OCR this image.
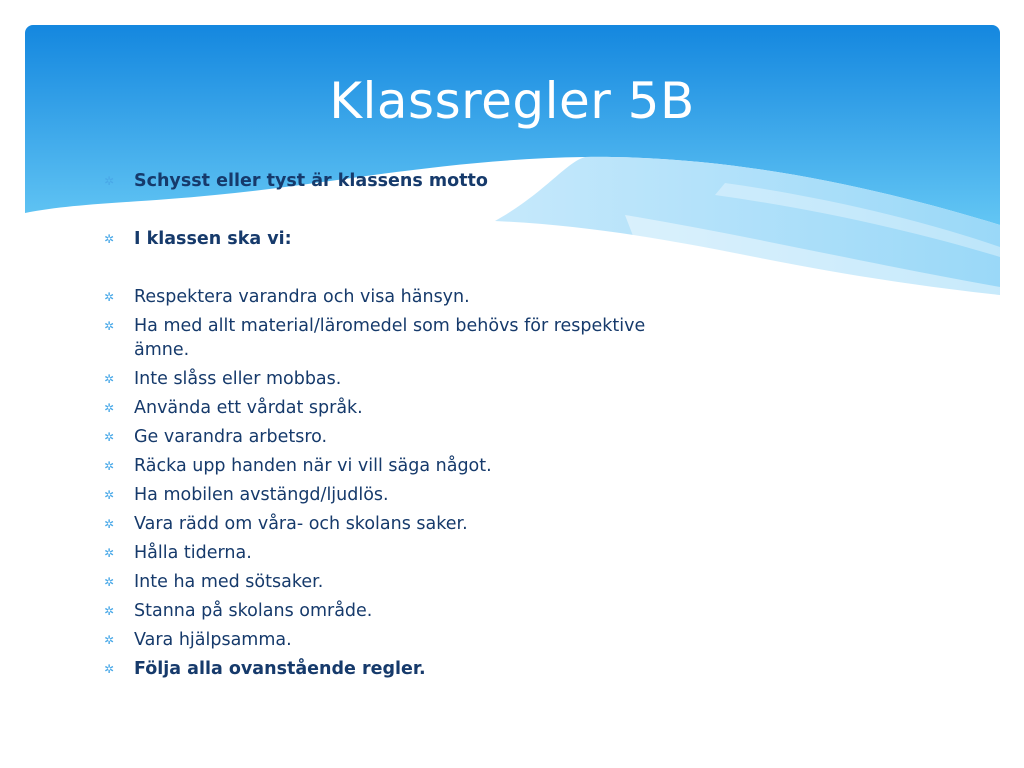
Klassregler 5B
✲ Schysst eller tyst är klassens motto
✲ I klassen ska vi:
✲ Respektera varandra och visa hänsyn.
✲ Ha med allt material/läromedel som behövs för respektive ämne.
✲ Inte slåss eller mobbas.
✲ Använda ett vårdat språk.
✲ Ge varandra arbetsro.
✲ Räcka upp handen när vi vill säga något.
✲ Ha mobilen avstängd/ljudlös.
✲ Vara rädd om våra- och skolans saker.
✲ Hålla tiderna.
✲ Inte ha med sötsaker.
✲ Stanna på skolans område.
✲ Vara hjälpsamma.
✲ Följa alla ovanstående regler.
